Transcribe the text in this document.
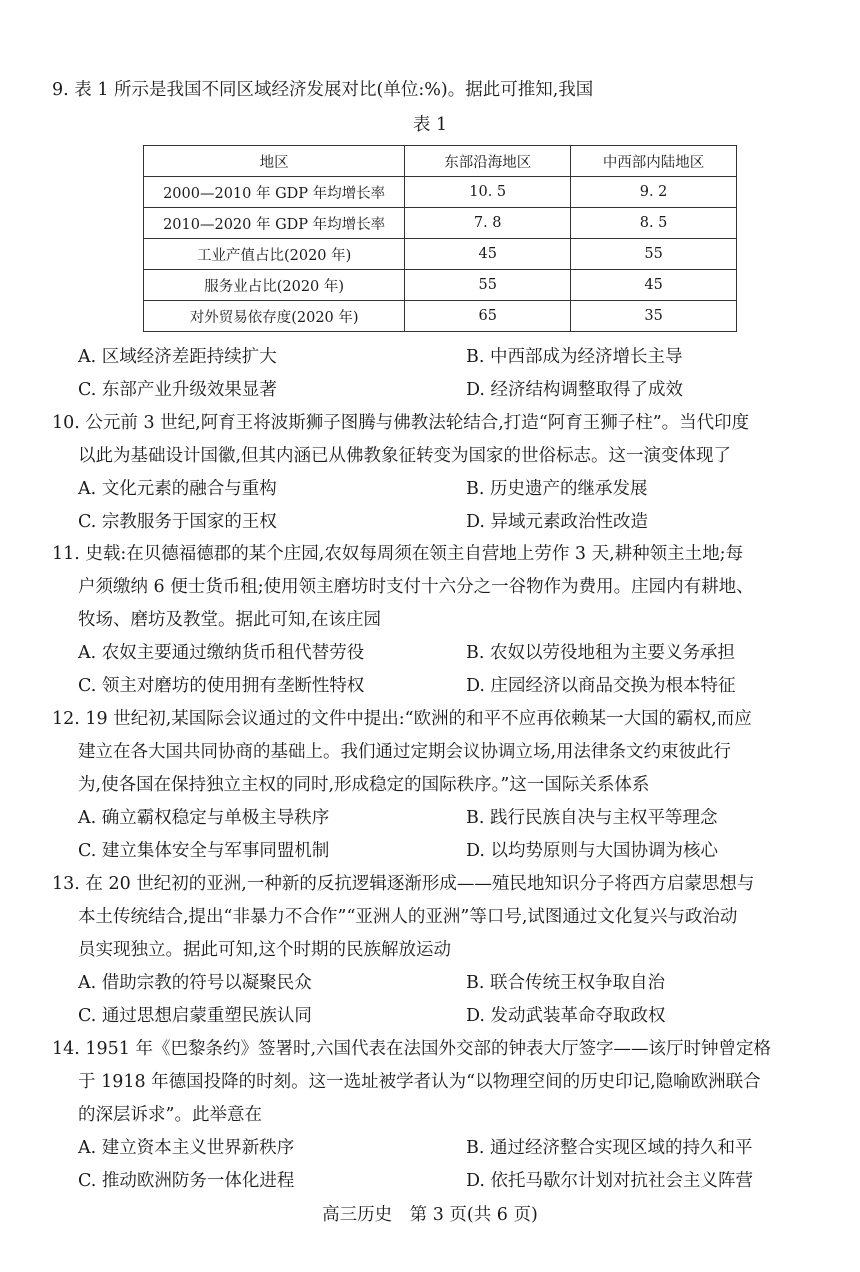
9. 表 1 所示是我国不同区域经济发展对比(单位:%)。据此可推知,我国
表 1
地区	东部沿海地区	中西部内陆地区
2000—2010 年 GDP 年均增长率	10. 5	9. 2
2010—2020 年 GDP 年均增长率	7. 8	8. 5
工业产值占比(2020 年)	45	55
服务业占比(2020 年)	55	45
对外贸易依存度(2020 年)	65	35
A. 区域经济差距持续扩大	B. 中西部成为经济增长主导
C. 东部产业升级效果显著	D. 经济结构调整取得了成效
10. 公元前 3 世纪,阿育王将波斯狮子图腾与佛教法轮结合,打造“阿育王狮子柱”。当代印度
以此为基础设计国徽,但其内涵已从佛教象征转变为国家的世俗标志。这一演变体现了
A. 文化元素的融合与重构	B. 历史遗产的继承发展
C. 宗教服务于国家的王权	D. 异域元素政治性改造
11. 史载:在贝德福德郡的某个庄园,农奴每周须在领主自营地上劳作 3 天,耕种领主土地;每
户须缴纳 6 便士货币租;使用领主磨坊时支付十六分之一谷物作为费用。庄园内有耕地、
牧场、磨坊及教堂。据此可知,在该庄园
A. 农奴主要通过缴纳货币租代替劳役	B. 农奴以劳役地租为主要义务承担
C. 领主对磨坊的使用拥有垄断性特权	D. 庄园经济以商品交换为根本特征
12. 19 世纪初,某国际会议通过的文件中提出:“欧洲的和平不应再依赖某一大国的霸权,而应
建立在各大国共同协商的基础上。我们通过定期会议协调立场,用法律条文约束彼此行
为,使各国在保持独立主权的同时,形成稳定的国际秩序。”这一国际关系体系
A. 确立霸权稳定与单极主导秩序	B. 践行民族自决与主权平等理念
C. 建立集体安全与军事同盟机制	D. 以均势原则与大国协调为核心
13. 在 20 世纪初的亚洲,一种新的反抗逻辑逐渐形成——殖民地知识分子将西方启蒙思想与
本土传统结合,提出“非暴力不合作”“亚洲人的亚洲”等口号,试图通过文化复兴与政治动
员实现独立。据此可知,这个时期的民族解放运动
A. 借助宗教的符号以凝聚民众	B. 联合传统王权争取自治
C. 通过思想启蒙重塑民族认同	D. 发动武装革命夺取政权
14. 1951 年《巴黎条约》签署时,六国代表在法国外交部的钟表大厅签字——该厅时钟曾定格
于 1918 年德国投降的时刻。这一选址被学者认为“以物理空间的历史印记,隐喻欧洲联合
的深层诉求”。此举意在
A. 建立资本主义世界新秩序	B. 通过经济整合实现区域的持久和平
C. 推动欧洲防务一体化进程	D. 依托马歇尔计划对抗社会主义阵营
高三历史　第 3 页(共 6 页)
